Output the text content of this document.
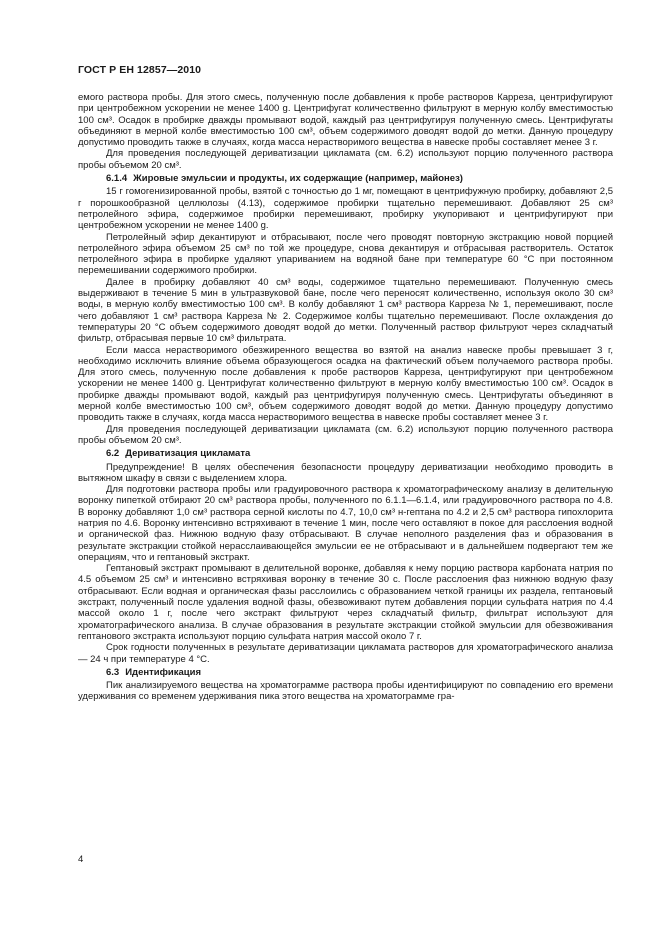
ГОСТ Р ЕН 12857—2010

емого раствора пробы. Для этого смесь, полученную после добавления к пробе растворов Карреза, центрифугируют при центробежном ускорении не менее 1400 g. Центрифугат количественно фильтруют в мерную колбу вместимостью 100 см³. Осадок в пробирке дважды промывают водой, каждый раз центрифугируя полученную смесь. Центрифугаты объединяют в мерной колбе вместимостью 100 см³, объем содержимого доводят водой до метки. Данную процедуру допустимо проводить также в случаях, когда масса нерастворимого вещества в навеске пробы составляет менее 3 г.

Для проведения последующей дериватизации цикламата (см. 6.2) используют порцию полученного раствора пробы объемом 20 см³.

6.1.4 Жировые эмульсии и продукты, их содержащие (например, майонез)

15 г гомогенизированной пробы, взятой с точностью до 1 мг, помещают в центрифужную пробирку, добавляют 2,5 г порошкообразной целлюлозы (4.13), содержимое пробирки тщательно перемешивают. Добавляют 25 см³ петролейного эфира, содержимое пробирки перемешивают, пробирку укупоривают и центрифугируют при центробежном ускорении не менее 1400 g.

Петролейный эфир декантируют и отбрасывают, после чего проводят повторную экстракцию новой порцией петролейного эфира объемом 25 см³ по той же процедуре, снова декантируя и отбрасывая растворитель. Остаток петролейного эфира в пробирке удаляют упариванием на водяной бане при температуре 60 °С при постоянном перемешивании содержимого пробирки.

Далее в пробирку добавляют 40 см³ воды, содержимое тщательно перемешивают. Полученную смесь выдерживают в течение 5 мин в ультразвуковой бане, после чего переносят количественно, используя около 30 см³ воды, в мерную колбу вместимостью 100 см³. В колбу добавляют 1 см³ раствора Карреза № 1, перемешивают, после чего добавляют 1 см³ раствора Карреза № 2. Содержимое колбы тщательно перемешивают. После охлаждения до температуры 20 °С объем содержимого доводят водой до метки. Полученный раствор фильтруют через складчатый фильтр, отбрасывая первые 10 см³ фильтрата.

Если масса нерастворимого обезжиренного вещества во взятой на анализ навеске пробы превышает 3 г, необходимо исключить влияние объема образующегося осадка на фактический объем получаемого раствора пробы. Для этого смесь, полученную после добавления к пробе растворов Карреза, центрифугируют при центробежном ускорении не менее 1400 g. Центрифугат количественно фильтруют в мерную колбу вместимостью 100 см³. Осадок в пробирке дважды промывают водой, каждый раз центрифугируя полученную смесь. Центрифугаты объединяют в мерной колбе вместимостью 100 см³, объем содержимого доводят водой до метки. Данную процедуру допустимо проводить также в случаях, когда масса нерастворимого вещества в навеске пробы составляет менее 3 г.

Для проведения последующей дериватизации цикламата (см. 6.2) используют порцию полученного раствора пробы объемом 20 см³.

6.2 Дериватизация цикламата

Предупреждение! В целях обеспечения безопасности процедуру дериватизации необходимо проводить в вытяжном шкафу в связи с выделением хлора.

Для подготовки раствора пробы или градуировочного раствора к хроматографическому анализу в делительную воронку пипеткой отбирают 20 см³ раствора пробы, полученного по 6.1.1—6.1.4, или градуировочного раствора по 4.8. В воронку добавляют 1,0 см³ раствора серной кислоты по 4.7, 10,0 см³ н-гептана по 4.2 и 2,5 см³ раствора гипохлорита натрия по 4.6. Воронку интенсивно встряхивают в течение 1 мин, после чего оставляют в покое для расслоения водной и органической фаз. Нижнюю водную фазу отбрасывают. В случае неполного разделения фаз и образования в результате экстракции стойкой нерасслаивающейся эмульсии ее не отбрасывают и в дальнейшем подвергают тем же операциям, что и гептановый экстракт.

Гептановый экстракт промывают в делительной воронке, добавляя к нему порцию раствора карбоната натрия по 4.5 объемом 25 см³ и интенсивно встряхивая воронку в течение 30 с. После расслоения фаз нижнюю водную фазу отбрасывают. Если водная и органическая фазы расслоились с образованием четкой границы их раздела, гептановый экстракт, полученный после удаления водной фазы, обезвоживают путем добавления порции сульфата натрия по 4.4 массой около 1 г, после чего экстракт фильтруют через складчатый фильтр, фильтрат используют для хроматографического анализа. В случае образования в результате экстракции стойкой эмульсии для обезвоживания гептанового экстракта используют порцию сульфата натрия массой около 7 г.

Срок годности полученных в результате дериватизации цикламата растворов для хроматографического анализа — 24 ч при температуре 4 °С.

6.3 Идентификация

Пик анализируемого вещества на хроматограмме раствора пробы идентифицируют по совпадению его времени удерживания со временем удерживания пика этого вещества на хроматограмме гра-

4
